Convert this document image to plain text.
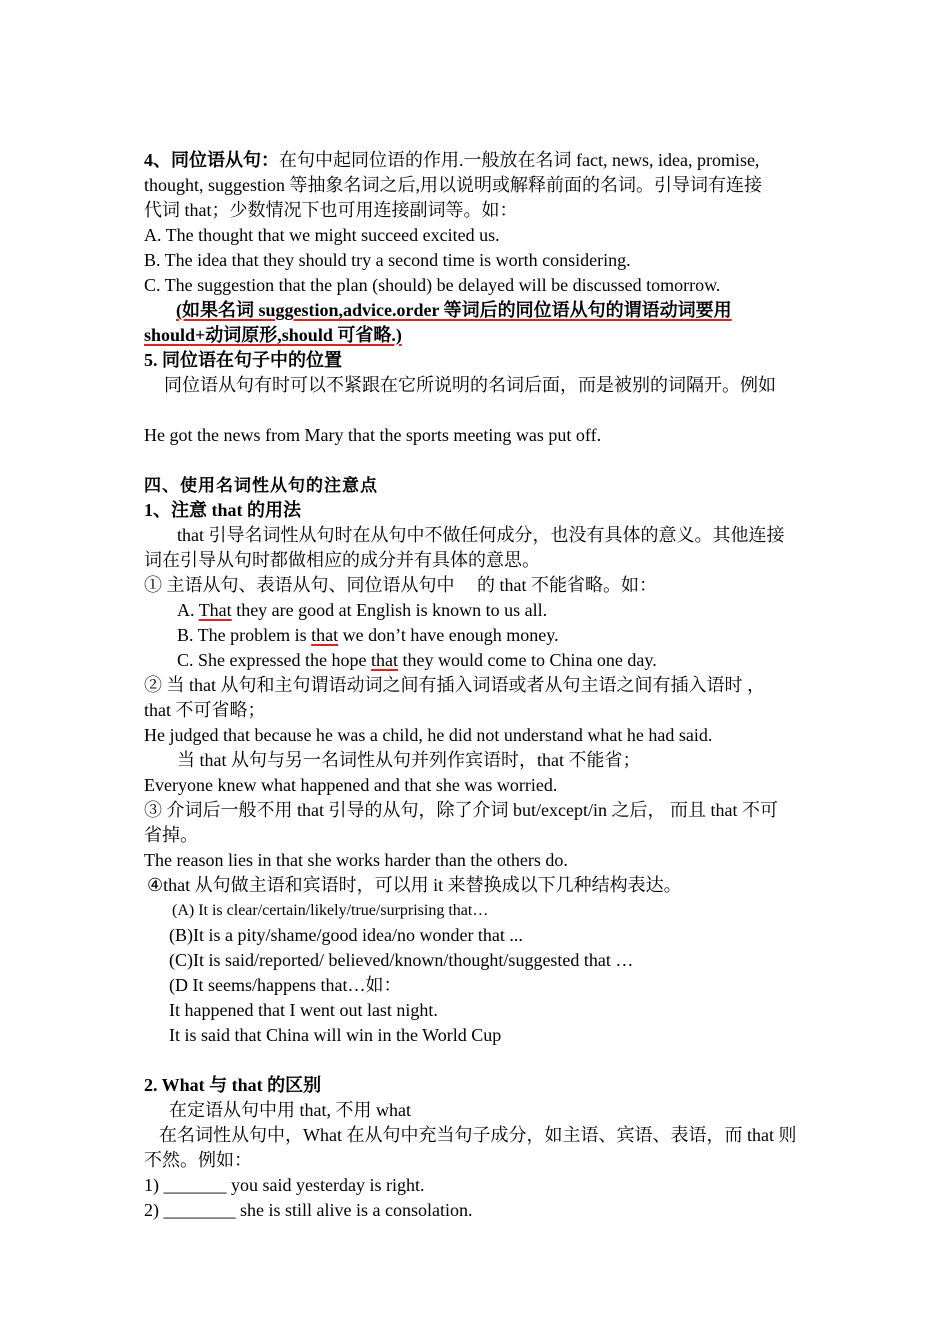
4、同位语从句：在句中起同位语的作用.一般放在名词 fact, news, idea, promise,
thought, suggestion 等抽象名词之后,用以说明或解释前面的名词。引导词有连接
代词 that；少数情况下也可用连接副词等。如：
A. The thought that we might succeed excited us.
B. The idea that they should try a second time is worth considering.
C. The suggestion that the plan (should) be delayed will be discussed tomorrow.
(如果名词 suggestion,advice.order 等词后的同位语从句的谓语动词要用
should+动词原形,should 可省略.)
5. 同位语在句子中的位置
同位语从句有时可以不紧跟在它所说明的名词后面，而是被别的词隔开。例如
He got the news from Mary that the sports meeting was put off.
四、使用名词性从句的注意点
1、注意 that 的用法
that 引导名词性从句时在从句中不做任何成分，也没有具体的意义。其他连接
词在引导从句时都做相应的成分并有具体的意思。
① 主语从句、表语从句、同位语从句中　 的 that 不能省略。如：
A. That they are good at English is known to us all.
B. The problem is that we don’t have enough money.
C. She expressed the hope that they would come to China one day.
② 当 that 从句和主句谓语动词之间有插入词语或者从句主语之间有插入语时 ，
that 不可省略；
He judged that because he was a child, he did not understand what he had said.
当 that 从句与另一名词性从句并列作宾语时，that 不能省；
Everyone knew what happened and that she was worried.
③ 介词后一般不用 that 引导的从句，除了介词 but/except/in 之后， 而且 that 不可
省掉。
The reason lies in that she works harder than the others do.
④that 从句做主语和宾语时，可以用 it 来替换成以下几种结构表达。
(A) It is clear/certain/likely/true/surprising that…
(B)It is a pity/shame/good idea/no wonder that ...
(C)It is said/reported/ believed/known/thought/suggested that …
(D It seems/happens that…如：
It happened that I went out last night.
It is said that China will win in the World Cup
2. What 与 that 的区别
在定语从句中用 that, 不用 what
在名词性从句中，What 在从句中充当句子成分，如主语、宾语、表语，而 that 则
不然。例如：
1) _______ you said yesterday is right.
2) ________ she is still alive is a consolation.
